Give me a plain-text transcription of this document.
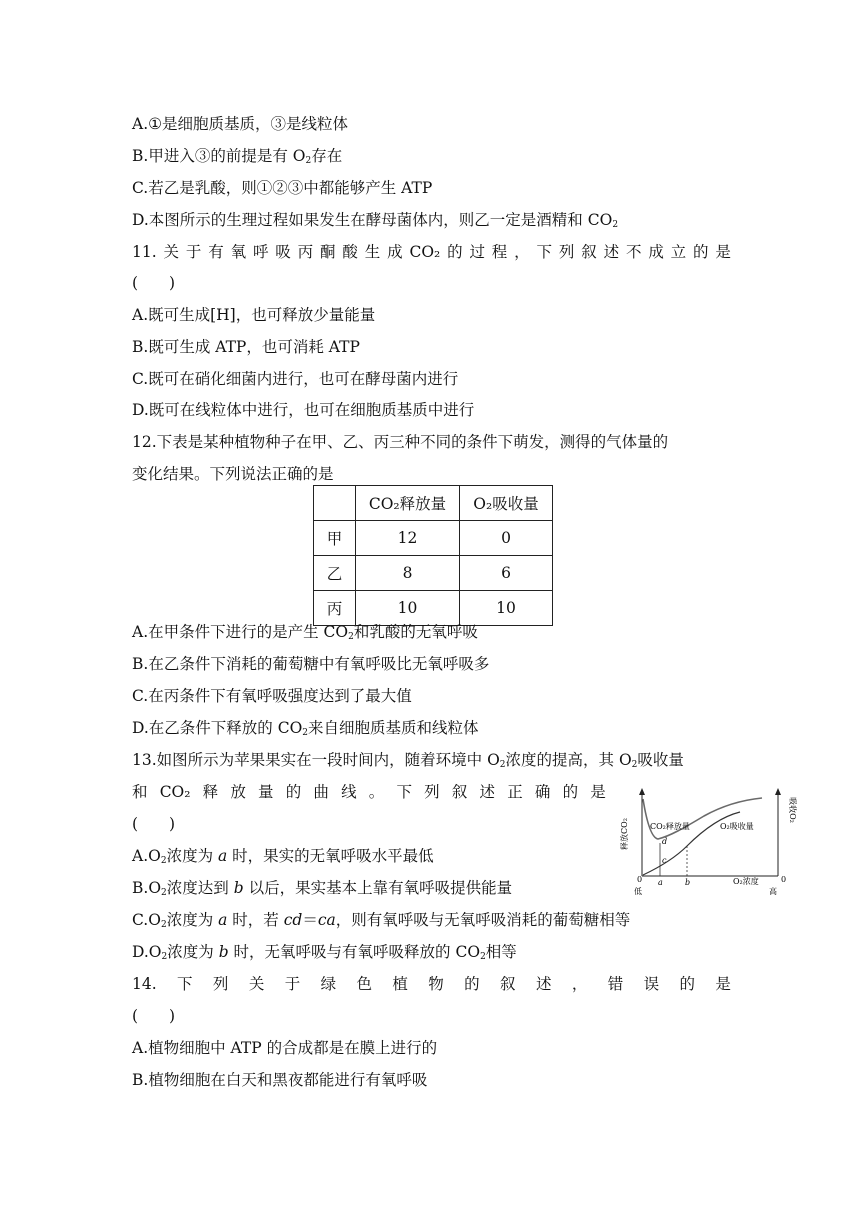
A.①是细胞质基质，③是线粒体
B.甲进入③的前提是有 $O_2$存在
C.若乙是乳酸，则①②③中都能够产生 ATP
D.本图所示的生理过程如果发生在酵母菌体内，则乙一定是酒精和 $CO_2$
11. 关 于 有 氧 呼 吸 丙 酮 酸 生 成 CO₂ 的 过 程 ， 下 列 叙 述 不 成 立 的 是
(　　)
A.既可生成[H]，也可释放少量能量
B.既可生成 ATP，也可消耗 ATP
C.既可在硝化细菌内进行，也可在酵母菌内进行
D.既可在线粒体中进行，也可在细胞质基质中进行
12.下表是某种植物种子在甲、乙、丙三种不同的条件下萌发，测得的气体量的
变化结果。下列说法正确的是
	CO₂释放量	O₂吸收量
甲	12	0
乙	8	6
丙	10	10
A.在甲条件下进行的是产生 $CO_2$和乳酸的无氧呼吸
B.在乙条件下消耗的葡萄糖中有氧呼吸比无氧呼吸多
C.在丙条件下有氧呼吸强度达到了最大值
D.在乙条件下释放的 $CO_2$来自细胞质基质和线粒体
13.如图所示为苹果果实在一段时间内，随着环境中 $O_2$浓度的提高，其 $O_2$吸收量
和 CO₂ 释 放 量 的 曲 线 。 下 列 叙 述 正 确 的 是
(　　)
$A.O_2$浓度为 a 时，果实的无氧呼吸水平最低
$B.O_2$浓度达到 b 以后，果实基本上靠有氧呼吸提供能量
$C.O_2$浓度为 a 时，若 cd＝ca，则有氧呼吸与无氧呼吸消耗的葡萄糖相等
$D.O_2$浓度为 b 时，无氧呼吸与有氧呼吸释放的 $CO_2$相等
释放CO₂
吸收O₂
CO₂释放量	O₂吸收量
d
c
a	b
0	0
低
O₂浓度
高
14. 下 列 关 于 绿 色 植 物 的 叙 述 ， 错 误 的 是
(　　)
A.植物细胞中 ATP 的合成都是在膜上进行的
B.植物细胞在白天和黑夜都能进行有氧呼吸
